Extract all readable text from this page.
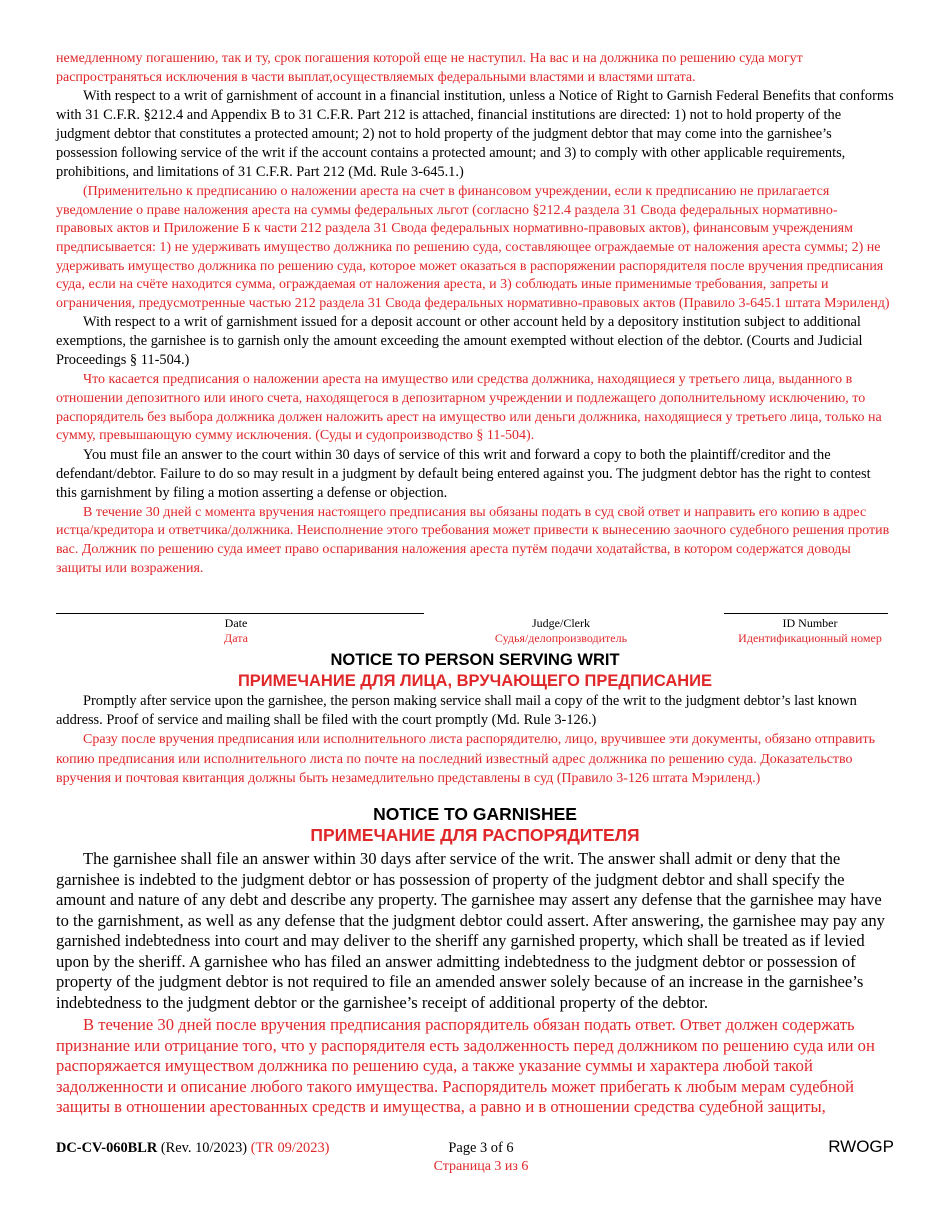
немедленному погашению, так и ту, срок погашения которой еще не наступил. На вас и на должника по решению суда могут распространяться исключения в части выплат,осуществляемых федеральными властями и властями штата.

With respect to a writ of garnishment of account in a financial institution, unless a Notice of Right to Garnish Federal Benefits that conforms with 31 C.F.R. §212.4 and Appendix B to 31 C.F.R. Part 212 is attached, financial institutions are directed: 1) not to hold property of the judgment debtor that constitutes a protected amount; 2) not to hold property of the judgment debtor that may come into the garnishee’s possession following service of the writ if the account contains a protected amount; and 3) to comply with other applicable requirements, prohibitions, and limitations of 31 C.F.R. Part 212 (Md. Rule 3-645.1.)

(Применительно к предписанию о наложении ареста на счет в финансовом учреждении, если к предписанию не прилагается уведомление о праве наложения ареста на суммы федеральных льгот (согласно §212.4 раздела 31 Свода федеральных нормативно-правовых актов и Приложение Б к части 212 раздела 31 Свода федеральных нормативно-правовых актов), финансовым учреждениям предписывается: 1) не удерживать имущество должника по решению суда, составляющее ограждаемые от наложения ареста суммы; 2) не удерживать имущество должника по решению суда, которое может оказаться в распоряжении распорядителя после вручения предписания суда, если на счёте находится сумма, ограждаемая от наложения ареста, и 3) соблюдать иные применимые требования, запреты и ограничения, предусмотренные частью 212 раздела 31 Свода федеральных нормативно-правовых актов (Правило 3-645.1 штата Мэриленд)

With respect to a writ of garnishment issued for a deposit account or other account held by a depository institution subject to additional exemptions, the garnishee is to garnish only the amount exceeding the amount exempted without election of the debtor. (Courts and Judicial Proceedings § 11-504.)

Что касается предписания о наложении ареста на имущество или средства должника, находящиеся у третьего лица, выданного в отношении депозитного или иного счета, находящегося в депозитарном учреждении и подлежащего дополнительному исключению, то распорядитель без выбора должника должен наложить арест на имущество или деньги должника, находящиеся у третьего лица, только на сумму, превышающую сумму исключения. (Суды и судопроизводство § 11-504).

You must file an answer to the court within 30 days of service of this writ and forward a copy to both the plaintiff/creditor and the defendant/debtor. Failure to do so may result in a judgment by default being entered against you. The judgment debtor has the right to contest this garnishment by filing a motion asserting a defense or objection.

В течение 30 дней с момента вручения настоящего предписания вы обязаны подать в суд свой ответ и направить его копию в адрес истца/кредитора и ответчика/должника. Неисполнение этого требования может привести к вынесению заочного судебного решения против вас. Должник по решению суда имеет право оспаривания наложения ареста путём подачи ходатайства, в котором содержатся доводы защиты или возражения.

Date
Дата
Judge/Clerk
Судья/делопроизводитель
ID Number
Идентификационный номер
NOTICE TO PERSON SERVING WRIT
ПРИМЕЧАНИЕ ДЛЯ ЛИЦА, ВРУЧАЮЩЕГО ПРЕДПИСАНИЕ

Promptly after service upon the garnishee, the person making service shall mail a copy of the writ to the judgment debtor’s last known address. Proof of service and mailing shall be filed with the court promptly (Md. Rule 3-126.)

Сразу после вручения предписания или исполнительного листа распорядителю, лицо, вручившее эти документы, обязано отправить копию предписания или исполнительного листа по почте на последний известный адрес должника по решению суда. Доказательство вручения и почтовая квитанция должны быть незамедлительно представлены в суд (Правило 3-126 штата Мэриленд.)

NOTICE TO GARNISHEE
ПРИМЕЧАНИЕ ДЛЯ РАСПОРЯДИТЕЛЯ

The garnishee shall file an answer within 30 days after service of the writ. The answer shall admit or deny that the garnishee is indebted to the judgment debtor or has possession of property of the judgment debtor and shall specify the amount and nature of any debt and describe any property. The garnishee may assert any defense that the garnishee may have to the garnishment, as well as any defense that the judgment debtor could assert. After answering, the garnishee may pay any garnished indebtedness into court and may deliver to the sheriff any garnished property, which shall be treated as if levied upon by the sheriff. A garnishee who has filed an answer admitting indebtedness to the judgment debtor or possession of property of the judgment debtor is not required to file an amended answer solely because of an increase in the garnishee’s indebtedness to the judgment debtor or the garnishee’s receipt of additional property of the debtor.

В течение 30 дней после вручения предписания распорядитель обязан подать ответ. Ответ должен содержать признание или отрицание того, что у распорядителя есть задолженность перед должником по решению суда или он распоряжается имуществом должника по решению суда, а также указание суммы и характера любой такой задолженности и описание любого такого имущества. Распорядитель может прибегать к любым мерам судебной защиты в отношении арестованных средств и имущества, а равно и в отношении средства судебной защиты,

DC-CV-060BLR (Rev. 10/2023) (TR 09/2023)	Page 3 of 6
Страница 3 из 6
RWOGP
